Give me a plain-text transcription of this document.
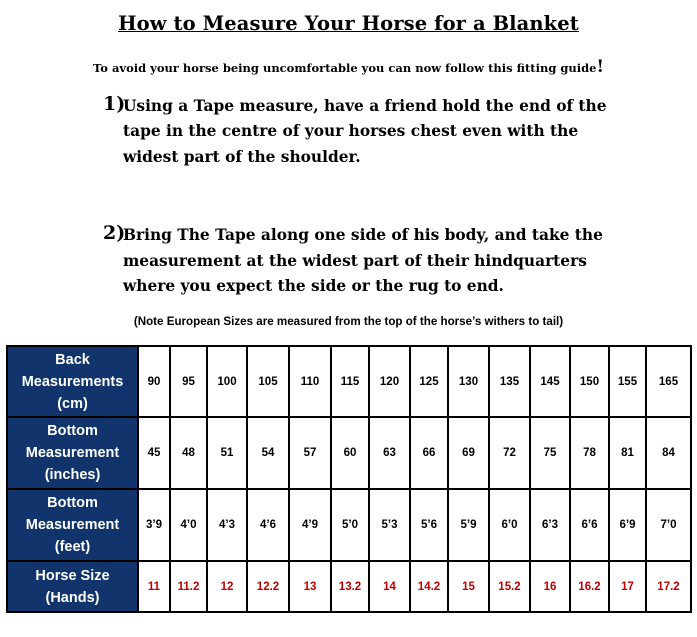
How to Measure Your Horse for a Blanket
To avoid your horse being uncomfortable you can now follow this fitting guide!
1)
Using a Tape measure, have a friend hold the end of the
tape in the centre of your horses chest even with the
widest part of the shoulder.
2)
Bring The Tape along one side of his body, and take the
measurement at the widest part of their hindquarters
where you expect the side or the rug to end.
(Note European Sizes are measured from the top of the horse’s withers to tail)
Back
Measurements
(cm)	90	95	100	105	110	115	120	125	130	135	145	150	155	165

Bottom
Measurement
(inches)	45	48	51	54	57	60	63	66	69	72	75	78	81	84

Bottom
Measurement
(feet)	3’9	4’0	4’3	4’6	4’9	5’0	5’3	5’6	5’9	6’0	6’3	6’6	6’9	7’0

Horse Size
(Hands)	11	11.2	12	12.2	13	13.2	14	14.2	15	15.2	16	16.2	17	17.2
